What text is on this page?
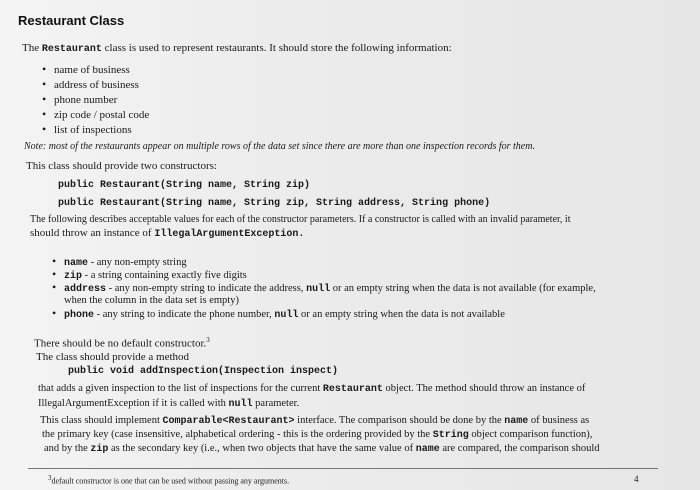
Restaurant Class
The Restaurant class is used to represent restaurants. It should store the following information:
• name of business
• address of business
• phone number
• zip code / postal code
• list of inspections
Note: most of the restaurants appear on multiple rows of the data set since there are more than one inspection records for them.
This class should provide two constructors:
public Restaurant(String name, String zip)
public Restaurant(String name, String zip, String address, String phone)
The following describes acceptable values for each of the constructor parameters. If a constructor is called with an invalid parameter, it
should throw an instance of IllegalArgumentException.
• name - any non-empty string
• zip - a string containing exactly five digits
• address - any non-empty string to indicate the address, null or an empty string when the data is not available (for example,
when the column in the data set is empty)
• phone - any string to indicate the phone number, null or an empty string when the data is not available
There should be no default constructor.$^3$
The class should provide a method
public void addInspection(Inspection inspect)
that adds a given inspection to the list of inspections for the current Restaurant object. The method should throw an instance of
IllegalArgumentException if it is called with null parameter.
This class should implement Comparable<Restaurant> interface. The comparison should be done by the name of business as
the primary key (case insensitive, alphabetical ordering - this is the ordering provided by the String object comparison function),
and by the zip as the secondary key (i.e., when two objects that have the same value of name are compared, the comparison should
$^3$default constructor is one that can be used without passing any arguments.	4
